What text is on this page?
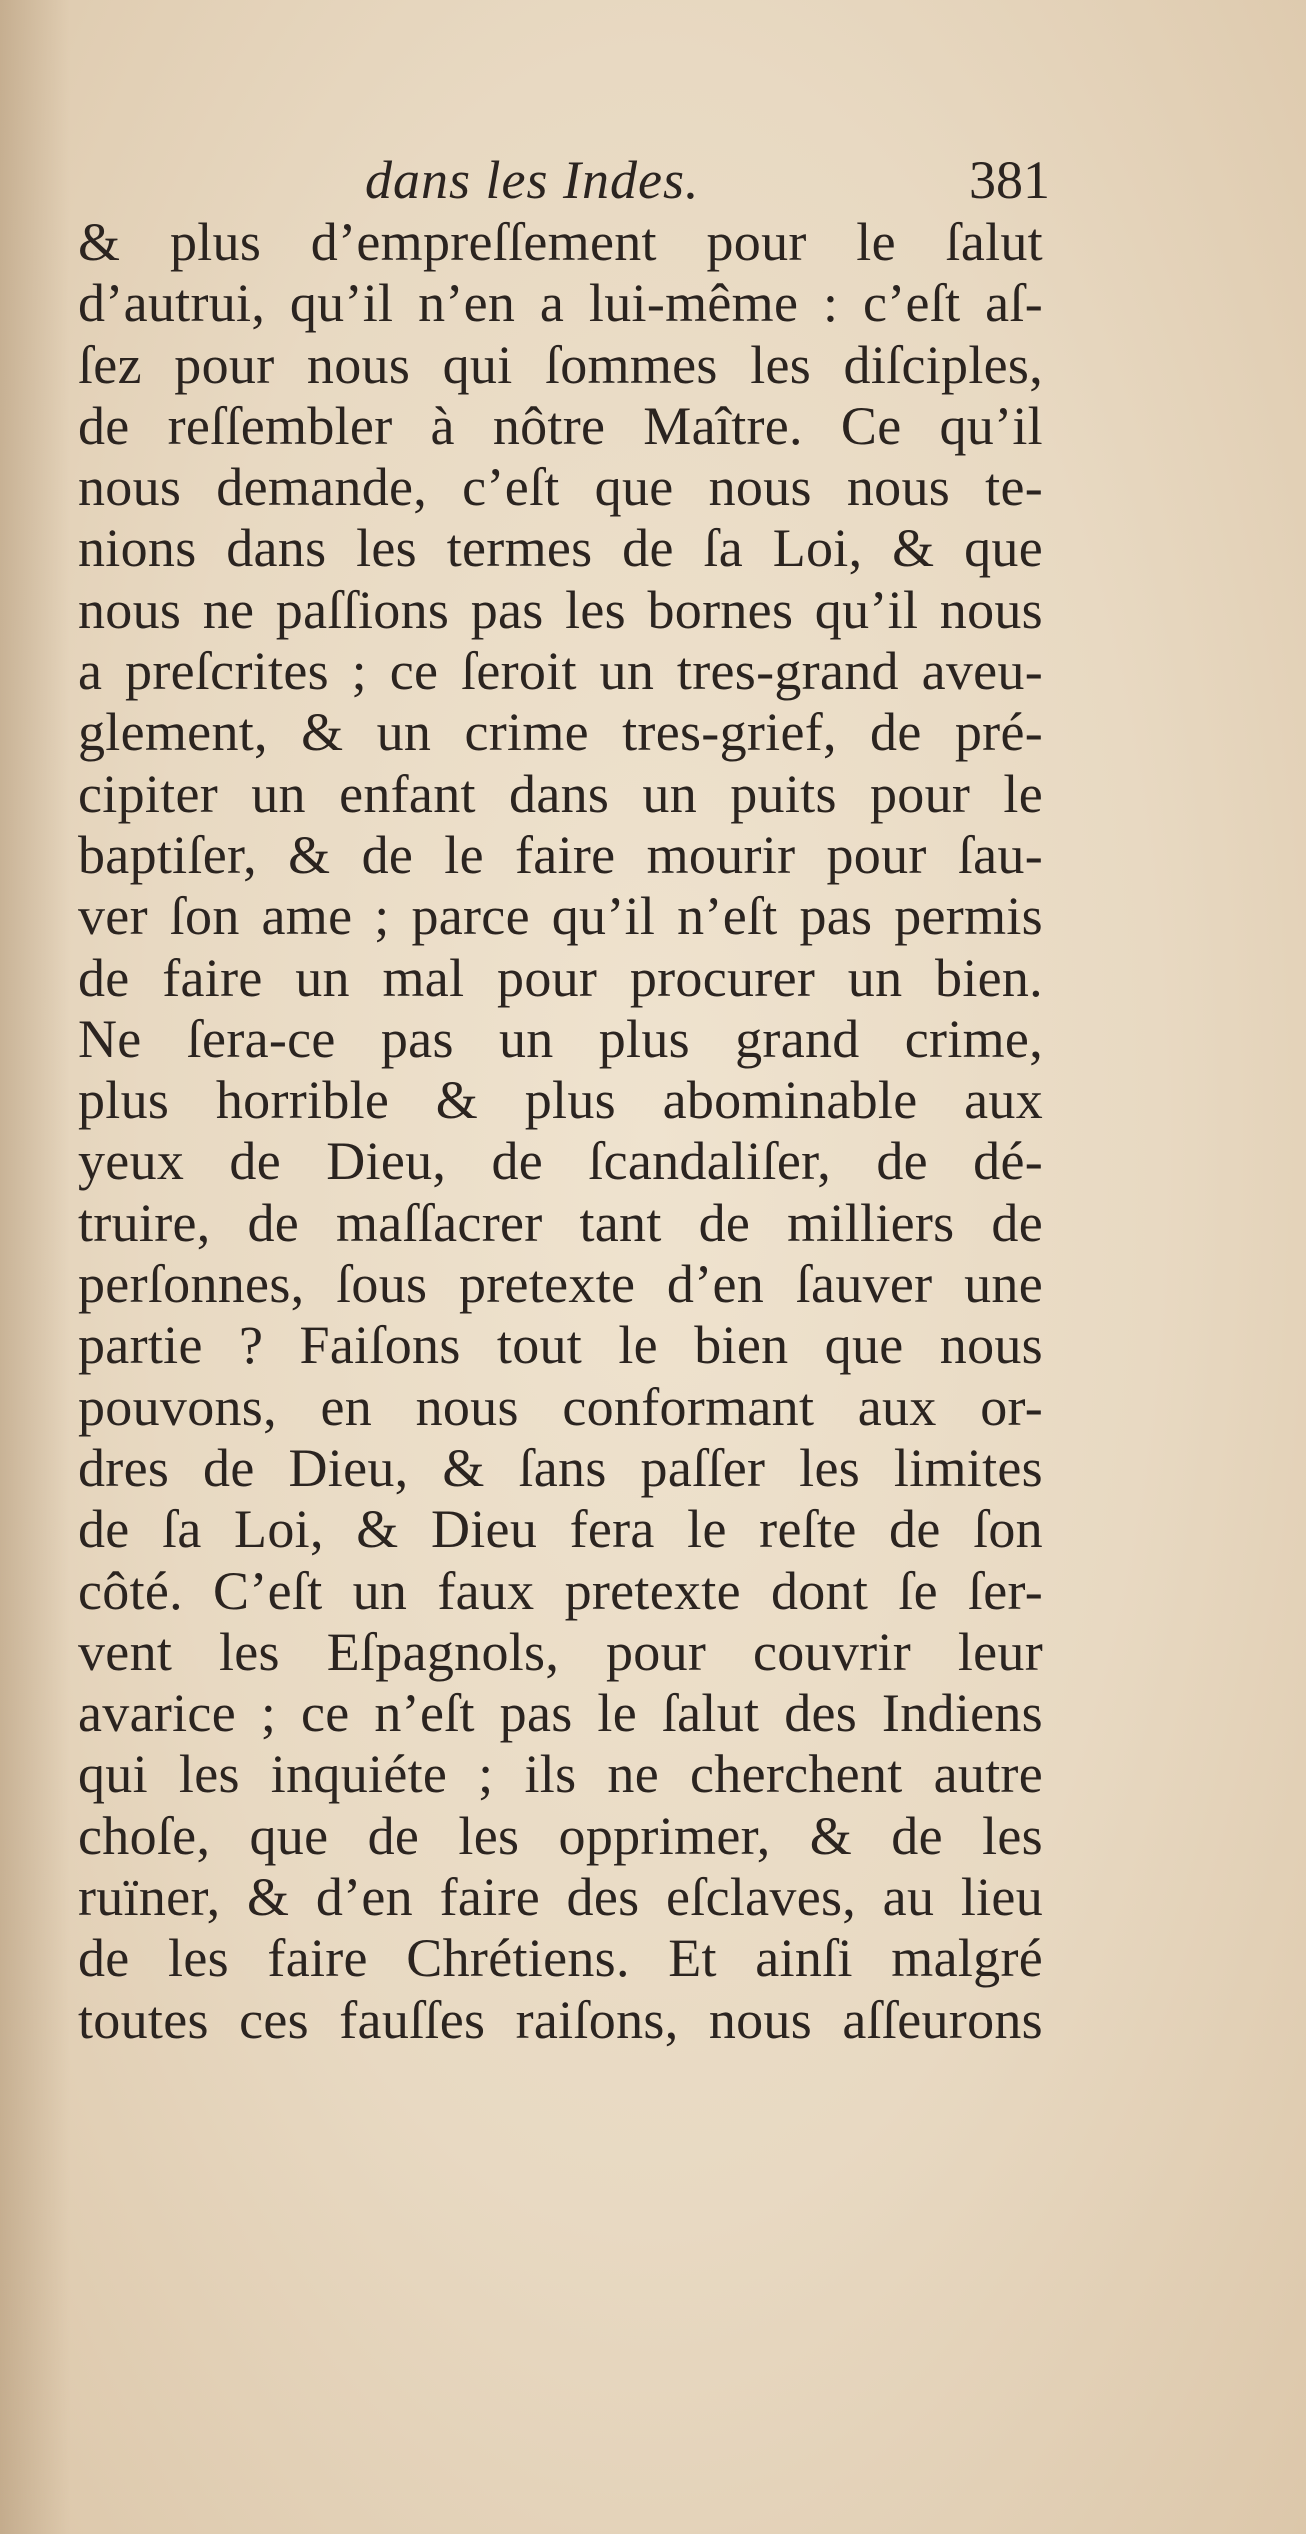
dans les Indes.	381
& plus d’empreſſement pour le ſalut
d’autrui, qu’il n’en a lui-même : c’eſt aſ-
ſez pour nous qui ſommes les diſciples,
de reſſembler à nôtre Maître. Ce qu’il
nous demande, c’eſt que nous nous te-
nions dans les termes de ſa Loi, & que
nous ne paſſions pas les bornes qu’il nous
a preſcrites ; ce ſeroit un tres-grand aveu-
glement, & un crime tres-grief, de pré-
cipiter un enfant dans un puits pour le
baptiſer, & de le faire mourir pour ſau-
ver ſon ame ; parce qu’il n’eſt pas permis
de faire un mal pour procurer un bien.
Ne ſera-ce pas un plus grand crime,
plus horrible & plus abominable aux
yeux de Dieu, de ſcandaliſer, de dé-
truire, de maſſacrer tant de milliers de
perſonnes, ſous pretexte d’en ſauver une
partie ? Faiſons tout le bien que nous
pouvons, en nous conformant aux or-
dres de Dieu, & ſans paſſer les limites
de ſa Loi, & Dieu fera le reſte de ſon
côté. C’eſt un faux pretexte dont ſe ſer-
vent les Eſpagnols, pour couvrir leur
avarice ; ce n’eſt pas le ſalut des Indiens
qui les inquiéte ; ils ne cherchent autre
choſe, que de les opprimer, & de les
ruïner, & d’en faire des eſclaves, au lieu
de les faire Chrétiens. Et ainſi malgré
toutes ces fauſſes raiſons, nous aſſeurons
